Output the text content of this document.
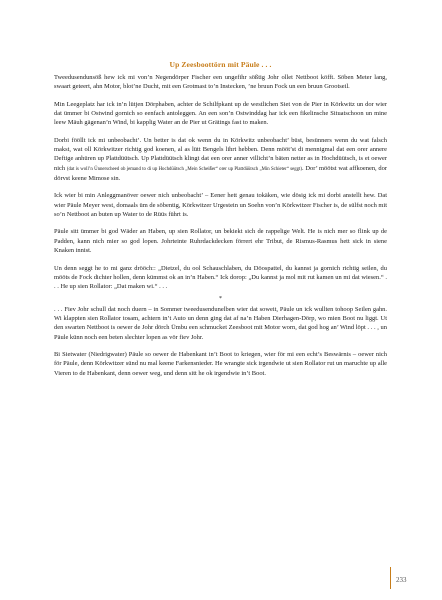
Up Zeesboottörn mit Päule . . .

Tweedusendunsöß hew ick mi von’n Negendörper Fischer een ungefihr sößtig Johr ollet Nettboot köfft. Söben Meter lang, swaart geteert, ahn Motor, blot’ne Ducht, mit een Grotmast to’n Instecken, ’ne bruun Fock un een bruun Grootseil.

Min Leegeplatz har ick in’n lütjen Dörphaben, achter de Schilfpkant up de westlichen Siet von de Pier in Körkwitz un dor wier dat ümmer bi Ostwind gornich so eenfach antoleggen. An een son’n Ostwinddag har ick een fikelinsche Situatschoon un mine leew Mäuh gägenan’n Wind, bi kapplig Water an de Pier ut Grätings fast to maken.

Dorbi fööllt ick mi unbeobacht’. Un better is dat ok wenn du in Körkwitz unbeobacht’ büst, besünners wenn du wat falsch makst, wat oll Körkwitzer richtig god koenen, al as lütt Bengels lihrt hebben. Denn mööt’st di mennigmal dat een orer annere Deftige anhüren up Plattdüütsch. Up Plattdüütsch klingt dat een orer anner villicht’n bäten netter as in Hochdüütsch, is et oewer nich (dat is woll’n Ünnerscheed ob jemand to di up Hochdüütsch „Mein Scheißer“ orer up Plattdüütsch „Min Schieter“ seggt). Dor’ möötst wat affkoenen, dor dörvst keene Mimose sin.

Ick wier bi min Anleggmanöver oewer nich unbeobacht’ – Eener hett genau tokäken, wie dösig ick mi dorbi anstellt hew. Dat wier Päule Meyer west, domaals üm de söbentig, Körkwitzer Urgestein un Soehn von’n Körkwitzer Fischer is, de sülfst noch mit so’n Nettboot an buten up Water to de Rüüs führt is.

Päule sitt ümmer bi god Wäder an Haben, up sien Rollator, un bekiekt sich de rappelige Welt. He is nich mer so flink up de Padden, kann nich mier so god lopen. Johrteinte Ruhrdackdecken förrert ehr Tribut, de Rismus-Rasmus hett sick in siene Knaken innist.

Un denn seggt he to mi ganz drööch:: „Dietzel, du ool Schauschlaben, du Döospattel, du kannst ja gornich richtig seilen, du mööts de Fock dichter hollen, denn kümmst ok an in’n Haben.“ Ick dorop: „Du kannst ja mol mit rut kamen un mi dat wiesen.“ . . . He up sien Rollator: „Dat maken wi.“ . . .

*

. . . Fiev Johr schull dat noch duern – in Sommer tweedusendunelben wier dat soweit, Päule un ick wullten tohoop Seilen gahn. Wi klappten sien Rollator tosam, achtern in’t Auto un denn ging dat af na’n Haben Dierhagen-Dörp, wo mien Boot nu liggt. Ut den swarten Nettboot is oewer de Johr dörch Ümbu een schmucket Zeesboot mit Motor worn, dat god hog an’ Wind löpt . . . , un Päule künn noch een beten slechter lopen as vör fiev Johr.

Bi Sietwater (Niedrigwater) Päule so oewer de Habenkant in’t Boot to kriegen, wier för mi een echt’s Beswärnis – oewer nich för Päule, denn Körkwitzer sünd nu mal keene Farkensnieder. He wrangte sick irgendwie ut sien Rollator rut un maruchte up alle Vieren to de Habenkant, denn oewer weg, und denn sitt he ok irgendwie in’t Boot.

233
